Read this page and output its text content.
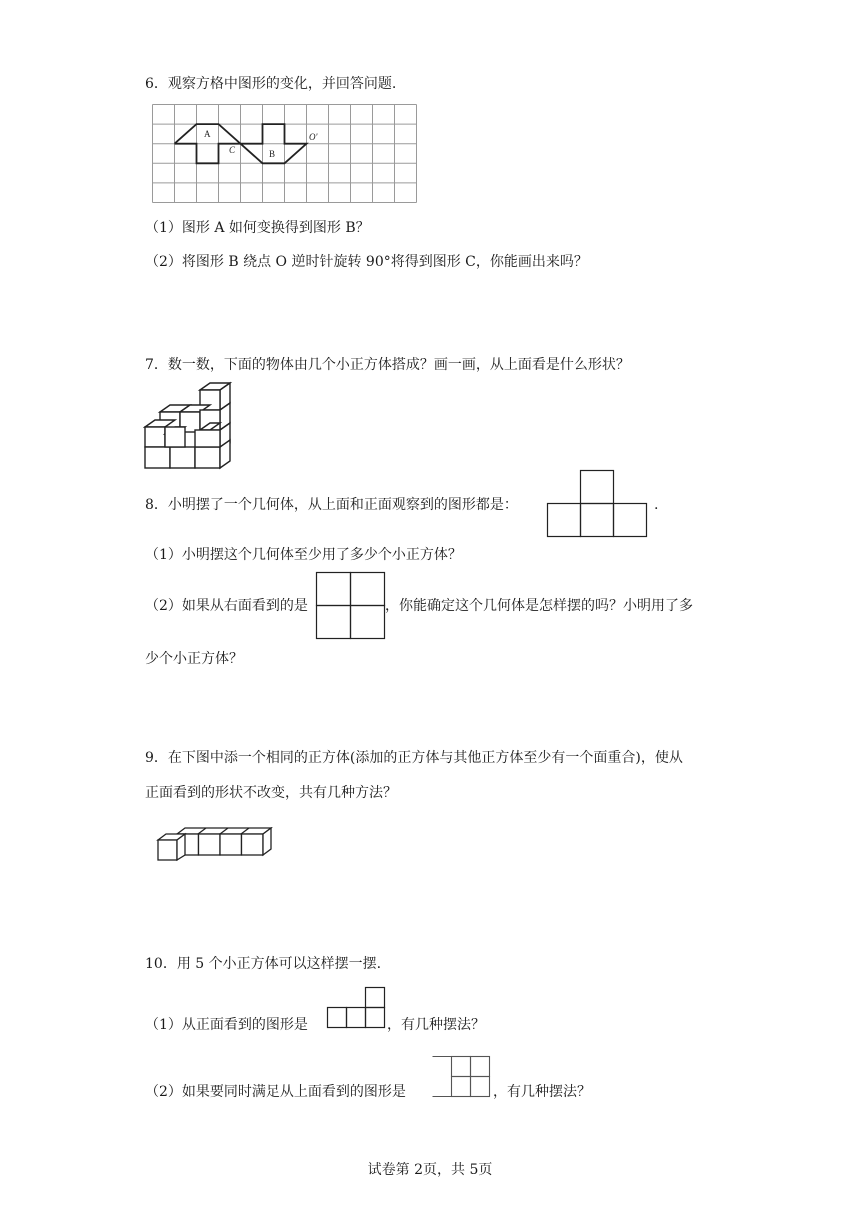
6．观察方格中图形的变化，并回答问题.
A
B
C
O'
（1）图形 A 如何变换得到图形 B？
（2）将图形 B 绕点 O 逆时针旋转 90°将得到图形 C，你能画出来吗？
7．数一数，下面的物体由几个小正方体搭成？画一画，从上面看是什么形状？
8．小明摆了一个几何体，从上面和正面观察到的图形都是：	.
（1）小明摆这个几何体至少用了多少个小正方体？
（2）如果从右面看到的是	，你能确定这个几何体是怎样摆的吗？小明用了多
少个小正方体？
9．在下图中添一个相同的正方体(添加的正方体与其他正方体至少有一个面重合)，使从
正面看到的形状不改变，共有几种方法？
10．用 5 个小正方体可以这样摆一摆.
（1）从正面看到的图形是	，有几种摆法？
（2）如果要同时满足从上面看到的图形是	，有几种摆法？
试卷第 2页，共 5页
